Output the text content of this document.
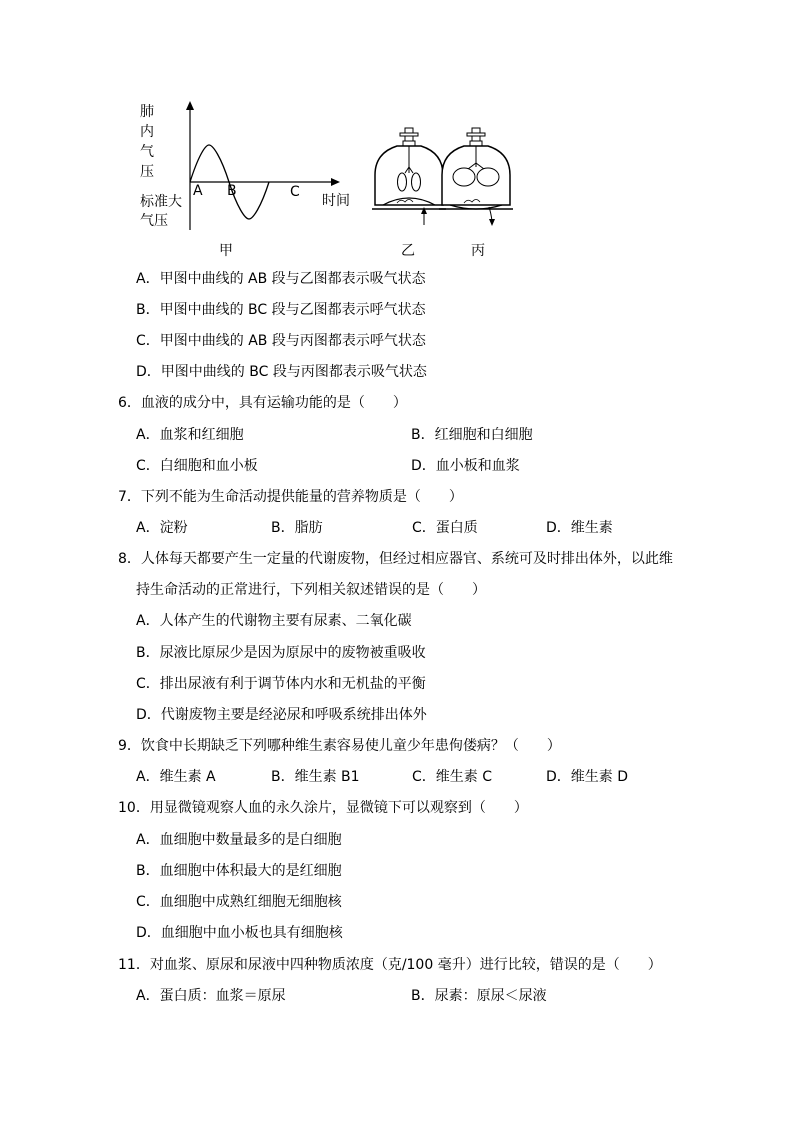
肺
内
气
压
标准大
气压
A B	C
时间
甲	乙	丙
A．甲图中曲线的 AB 段与乙图都表示吸气状态
B．甲图中曲线的 BC 段与乙图都表示呼气状态
C．甲图中曲线的 AB 段与丙图都表示呼气状态
D．甲图中曲线的 BC 段与丙图都表示吸气状态
6．血液的成分中，具有运输功能的是（　　）
A．血浆和红细胞	B．红细胞和白细胞
C．白细胞和血小板	D．血小板和血浆
7．下列不能为生命活动提供能量的营养物质是（　　）
A．淀粉	B．脂肪	C．蛋白质	D．维生素
8．人体每天都要产生一定量的代谢废物，但经过相应器官、系统可及时排出体外，以此维
持生命活动的正常进行，下列相关叙述错误的是（　　）
A．人体产生的代谢物主要有尿素、二氧化碳
B．尿液比原尿少是因为原尿中的废物被重吸收
C．排出尿液有利于调节体内水和无机盐的平衡
D．代谢废物主要是经泌尿和呼吸系统排出体外
9．饮食中长期缺乏下列哪种维生素容易使儿童少年患佝偻病？（　　）
A．维生素 A	B．维生素 B1	C．维生素 C	D．维生素 D
10．用显微镜观察人血的永久涂片，显微镜下可以观察到（　　）
A．血细胞中数量最多的是白细胞
B．血细胞中体积最大的是红细胞
C．血细胞中成熟红细胞无细胞核
D．血细胞中血小板也具有细胞核
11．对血浆、原尿和尿液中四种物质浓度（克/100 毫升）进行比较，错误的是（　　）
A．蛋白质：血浆＝原尿	B．尿素：原尿＜尿液
